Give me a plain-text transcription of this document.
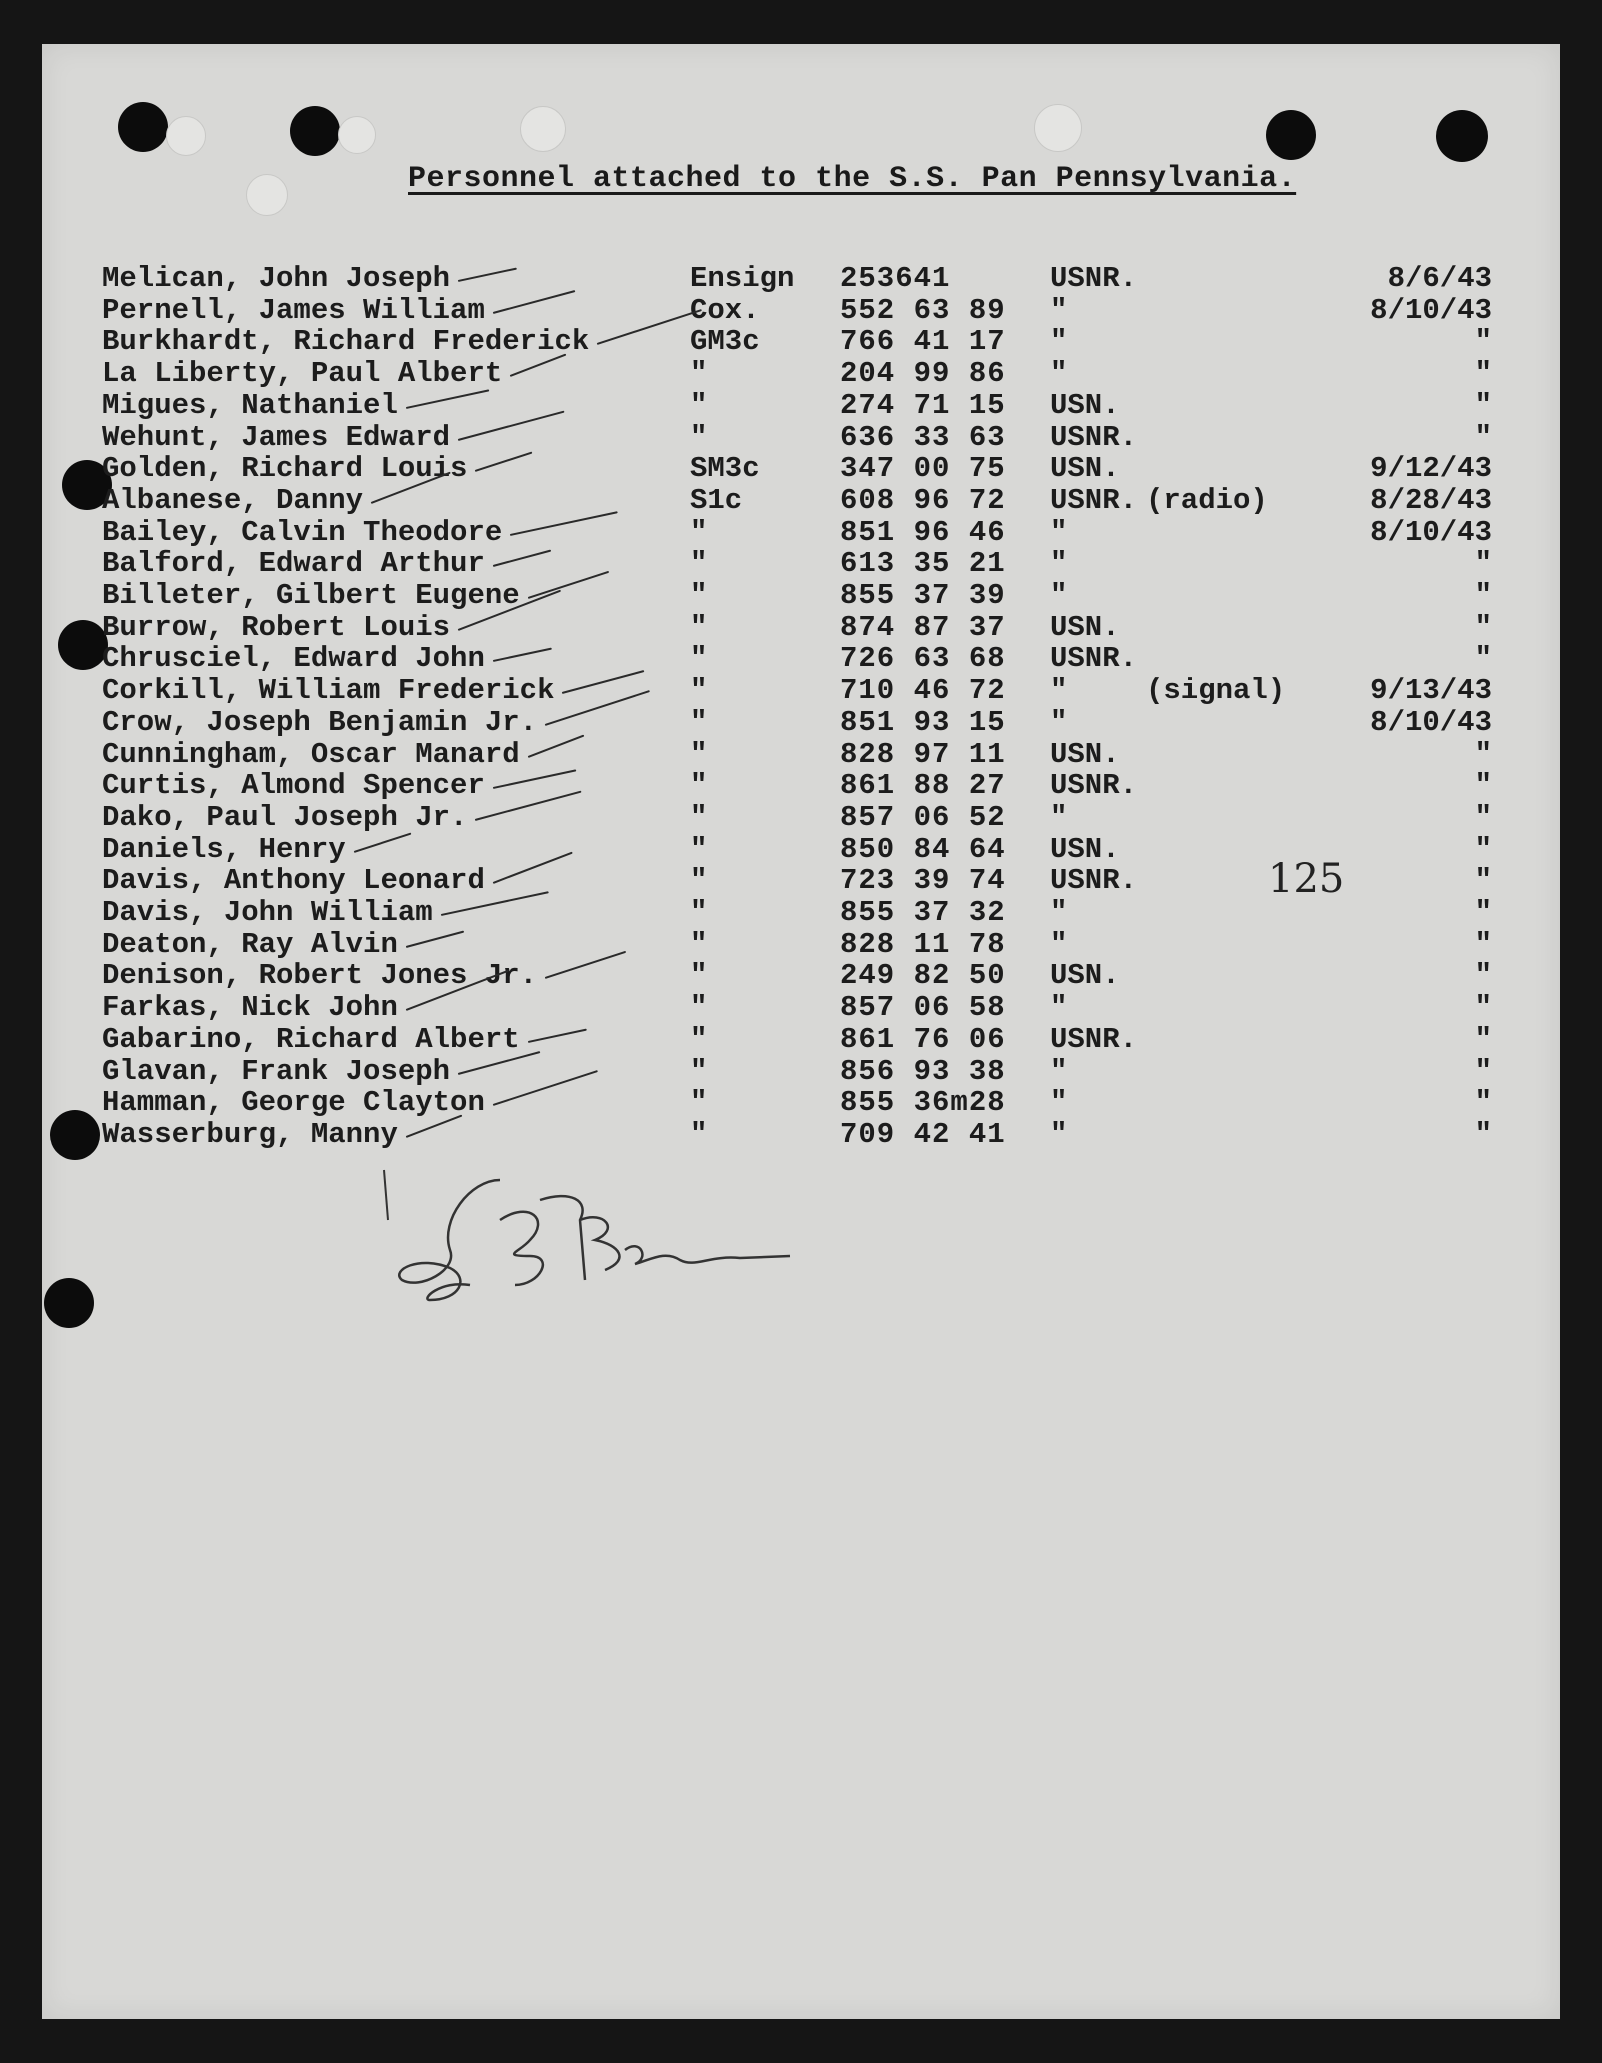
Personnel attached to the S.S. Pan Pennsylvania.
Melican, John Joseph	Ensign 253641	USNR.	8/6/43
Pernell, James William	Cox.	552 63 89 "	8/10/43
Burkhardt, Richard Frederick	GM3c	766 41 17 "	"
La Liberty, Paul Albert	"	204 99 86 "	"
Migues, Nathaniel	"	274 71 15 USN.	"
Wehunt, James Edward	"	636 33 63 USNR.	"
Golden, Richard Louis	SM3c	347 00 75 USN.	9/12/43
Albanese, Danny	S1c	608 96 72 USNR. (radio)	8/28/43
Bailey, Calvin Theodore	"	851 96 46 "	8/10/43
Balford, Edward Arthur	"	613 35 21 "	"
Billeter, Gilbert Eugene	"	855 37 39 "	"
Burrow, Robert Louis	"	874 87 37 USN.	"
Chrusciel, Edward John	"	726 63 68 USNR.	"
Corkill, William Frederick	"	710 46 72 "	(signal)	9/13/43
Crow, Joseph Benjamin Jr.	"	851 93 15 "	8/10/43
Cunningham, Oscar Manard	"	828 97 11 USN.	"
Curtis, Almond Spencer	"	861 88 27 USNR.	"
Dako, Paul Joseph Jr.	"	857 06 52 "	"
Daniels, Henry	"	850 84 64 USN.	"
Davis, Anthony Leonard	"	723 39 74 USNR.	"
Davis, John William	"	855 37 32 "	"
Deaton, Ray Alvin	"	828 11 78 "	"
Denison, Robert Jones Jr.	"	249 82 50 USN.	"
Farkas, Nick John	"	857 06 58 "	"
Gabarino, Richard Albert	"	861 76 06 USNR.	"
Glavan, Frank Joseph	"	856 93 38 "	"
Hamman, George Clayton	"	855 36m28 "	"
Wasserburg, Manny	"	709 42 41 "	"
125
